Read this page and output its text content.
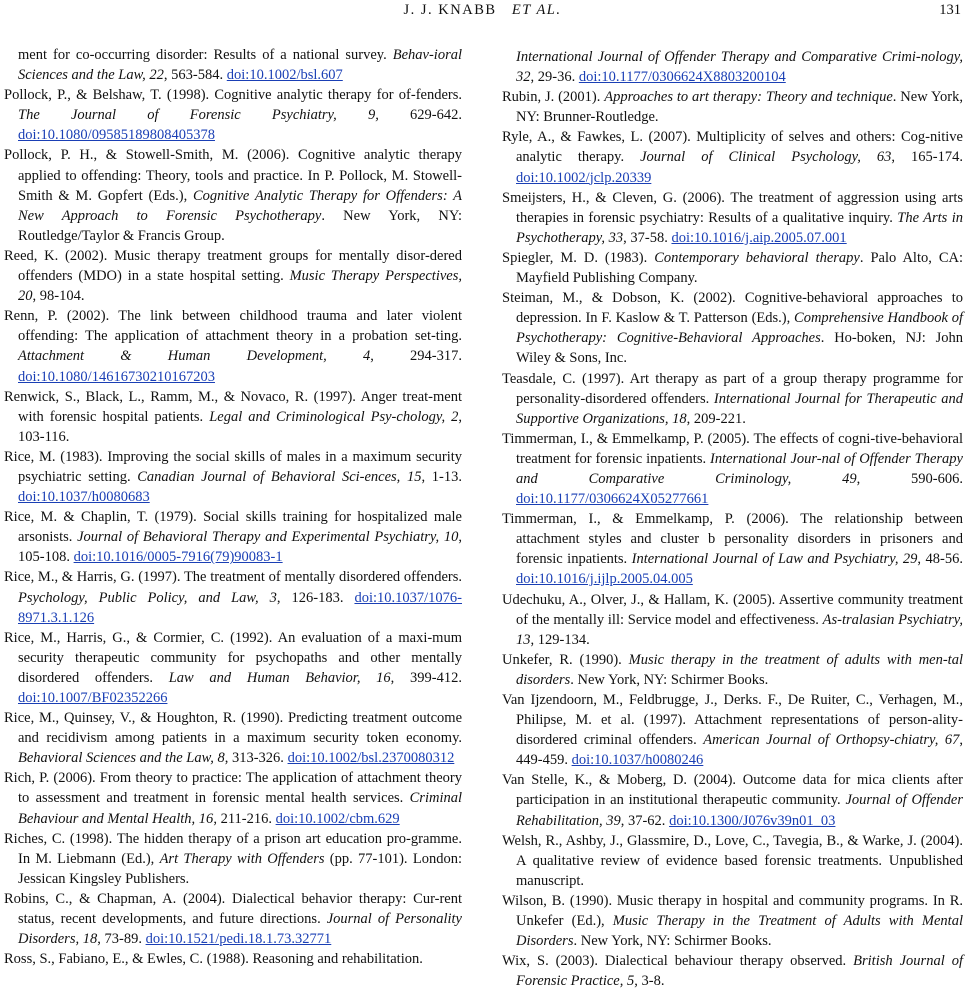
J. J. KNABB ET AL.	131
ment for co-occurring disorder: Results of a national survey. Behav-ioral Sciences and the Law, 22, 563-584. doi:10.1002/bsl.607
Pollock, P., & Belshaw, T. (1998). Cognitive analytic therapy for of-fenders. The Journal of Forensic Psychiatry, 9, 629-642. doi:10.1080/09585189808405378
Pollock, P. H., & Stowell-Smith, M. (2006). Cognitive analytic therapy applied to offending: Theory, tools and practice. In P. Pollock, M. Stowell-Smith & M. Gopfert (Eds.), Cognitive Analytic Therapy for Offenders: A New Approach to Forensic Psychotherapy. New York, NY: Routledge/Taylor & Francis Group.
Reed, K. (2002). Music therapy treatment groups for mentally disor-dered offenders (MDO) in a state hospital setting. Music Therapy Perspectives, 20, 98-104.
Renn, P. (2002). The link between childhood trauma and later violent offending: The application of attachment theory in a probation set-ting. Attachment & Human Development, 4, 294-317. doi:10.1080/14616730210167203
Renwick, S., Black, L., Ramm, M., & Novaco, R. (1997). Anger treat-ment with forensic hospital patients. Legal and Criminological Psy-chology, 2, 103-116.
Rice, M. (1983). Improving the social skills of males in a maximum security psychiatric setting. Canadian Journal of Behavioral Sci-ences, 15, 1-13. doi:10.1037/h0080683
Rice, M. & Chaplin, T. (1979). Social skills training for hospitalized male arsonists. Journal of Behavioral Therapy and Experimental Psychiatry, 10, 105-108. doi:10.1016/0005-7916(79)90083-1
Rice, M., & Harris, G. (1997). The treatment of mentally disordered offenders. Psychology, Public Policy, and Law, 3, 126-183. doi:10.1037/1076-8971.3.1.126
Rice, M., Harris, G., & Cormier, C. (1992). An evaluation of a maxi-mum security therapeutic community for psychopaths and other mentally disordered offenders. Law and Human Behavior, 16, 399-412. doi:10.1007/BF02352266
Rice, M., Quinsey, V., & Houghton, R. (1990). Predicting treatment outcome and recidivism among patients in a maximum security token economy. Behavioral Sciences and the Law, 8, 313-326. doi:10.1002/bsl.2370080312
Rich, P. (2006). From theory to practice: The application of attachment theory to assessment and treatment in forensic mental health services. Criminal Behaviour and Mental Health, 16, 211-216. doi:10.1002/cbm.629
Riches, C. (1998). The hidden therapy of a prison art education pro-gramme. In M. Liebmann (Ed.), Art Therapy with Offenders (pp. 77-101). London: Jessican Kingsley Publishers.
Robins, C., & Chapman, A. (2004). Dialectical behavior therapy: Cur-rent status, recent developments, and future directions. Journal of Personality Disorders, 18, 73-89. doi:10.1521/pedi.18.1.73.32771
Ross, S., Fabiano, E., & Ewles, C. (1988). Reasoning and rehabilitation.
International Journal of Offender Therapy and Comparative Crimi-nology, 32, 29-36. doi:10.1177/0306624X8803200104
Rubin, J. (2001). Approaches to art therapy: Theory and technique. New York, NY: Brunner-Routledge.
Ryle, A., & Fawkes, L. (2007). Multiplicity of selves and others: Cog-nitive analytic therapy. Journal of Clinical Psychology, 63, 165-174. doi:10.1002/jclp.20339
Smeijsters, H., & Cleven, G. (2006). The treatment of aggression using arts therapies in forensic psychiatry: Results of a qualitative inquiry. The Arts in Psychotherapy, 33, 37-58. doi:10.1016/j.aip.2005.07.001
Spiegler, M. D. (1983). Contemporary behavioral therapy. Palo Alto, CA: Mayfield Publishing Company.
Steiman, M., & Dobson, K. (2002). Cognitive-behavioral approaches to depression. In F. Kaslow & T. Patterson (Eds.), Comprehensive Handbook of Psychotherapy: Cognitive-Behavioral Approaches. Ho-boken, NJ: John Wiley & Sons, Inc.
Teasdale, C. (1997). Art therapy as part of a group therapy programme for personality-disordered offenders. International Journal for Therapeutic and Supportive Organizations, 18, 209-221.
Timmerman, I., & Emmelkamp, P. (2005). The effects of cogni-tive-behavioral treatment for forensic inpatients. International Jour-nal of Offender Therapy and Comparative Criminology, 49, 590-606. doi:10.1177/0306624X05277661
Timmerman, I., & Emmelkamp, P. (2006). The relationship between attachment styles and cluster b personality disorders in prisoners and forensic inpatients. International Journal of Law and Psychiatry, 29, 48-56. doi:10.1016/j.ijlp.2005.04.005
Udechuku, A., Olver, J., & Hallam, K. (2005). Assertive community treatment of the mentally ill: Service model and effectiveness. As-tralasian Psychiatry, 13, 129-134.
Unkefer, R. (1990). Music therapy in the treatment of adults with men-tal disorders. New York, NY: Schirmer Books.
Van Ijzendoorn, M., Feldbrugge, J., Derks. F., De Ruiter, C., Verhagen, M., Philipse, M. et al. (1997). Attachment representations of person-ality-disordered criminal offenders. American Journal of Orthopsy-chiatry, 67, 449-459. doi:10.1037/h0080246
Van Stelle, K., & Moberg, D. (2004). Outcome data for mica clients after participation in an institutional therapeutic community. Journal of Offender Rehabilitation, 39, 37-62. doi:10.1300/J076v39n01_03
Welsh, R., Ashby, J., Glassmire, D., Love, C., Tavegia, B., & Warke, J. (2004). A qualitative review of evidence based forensic treatments. Unpublished manuscript.
Wilson, B. (1990). Music therapy in hospital and community programs. In R. Unkefer (Ed.), Music Therapy in the Treatment of Adults with Mental Disorders. New York, NY: Schirmer Books.
Wix, S. (2003). Dialectical behaviour therapy observed. British Journal of Forensic Practice, 5, 3-8.
